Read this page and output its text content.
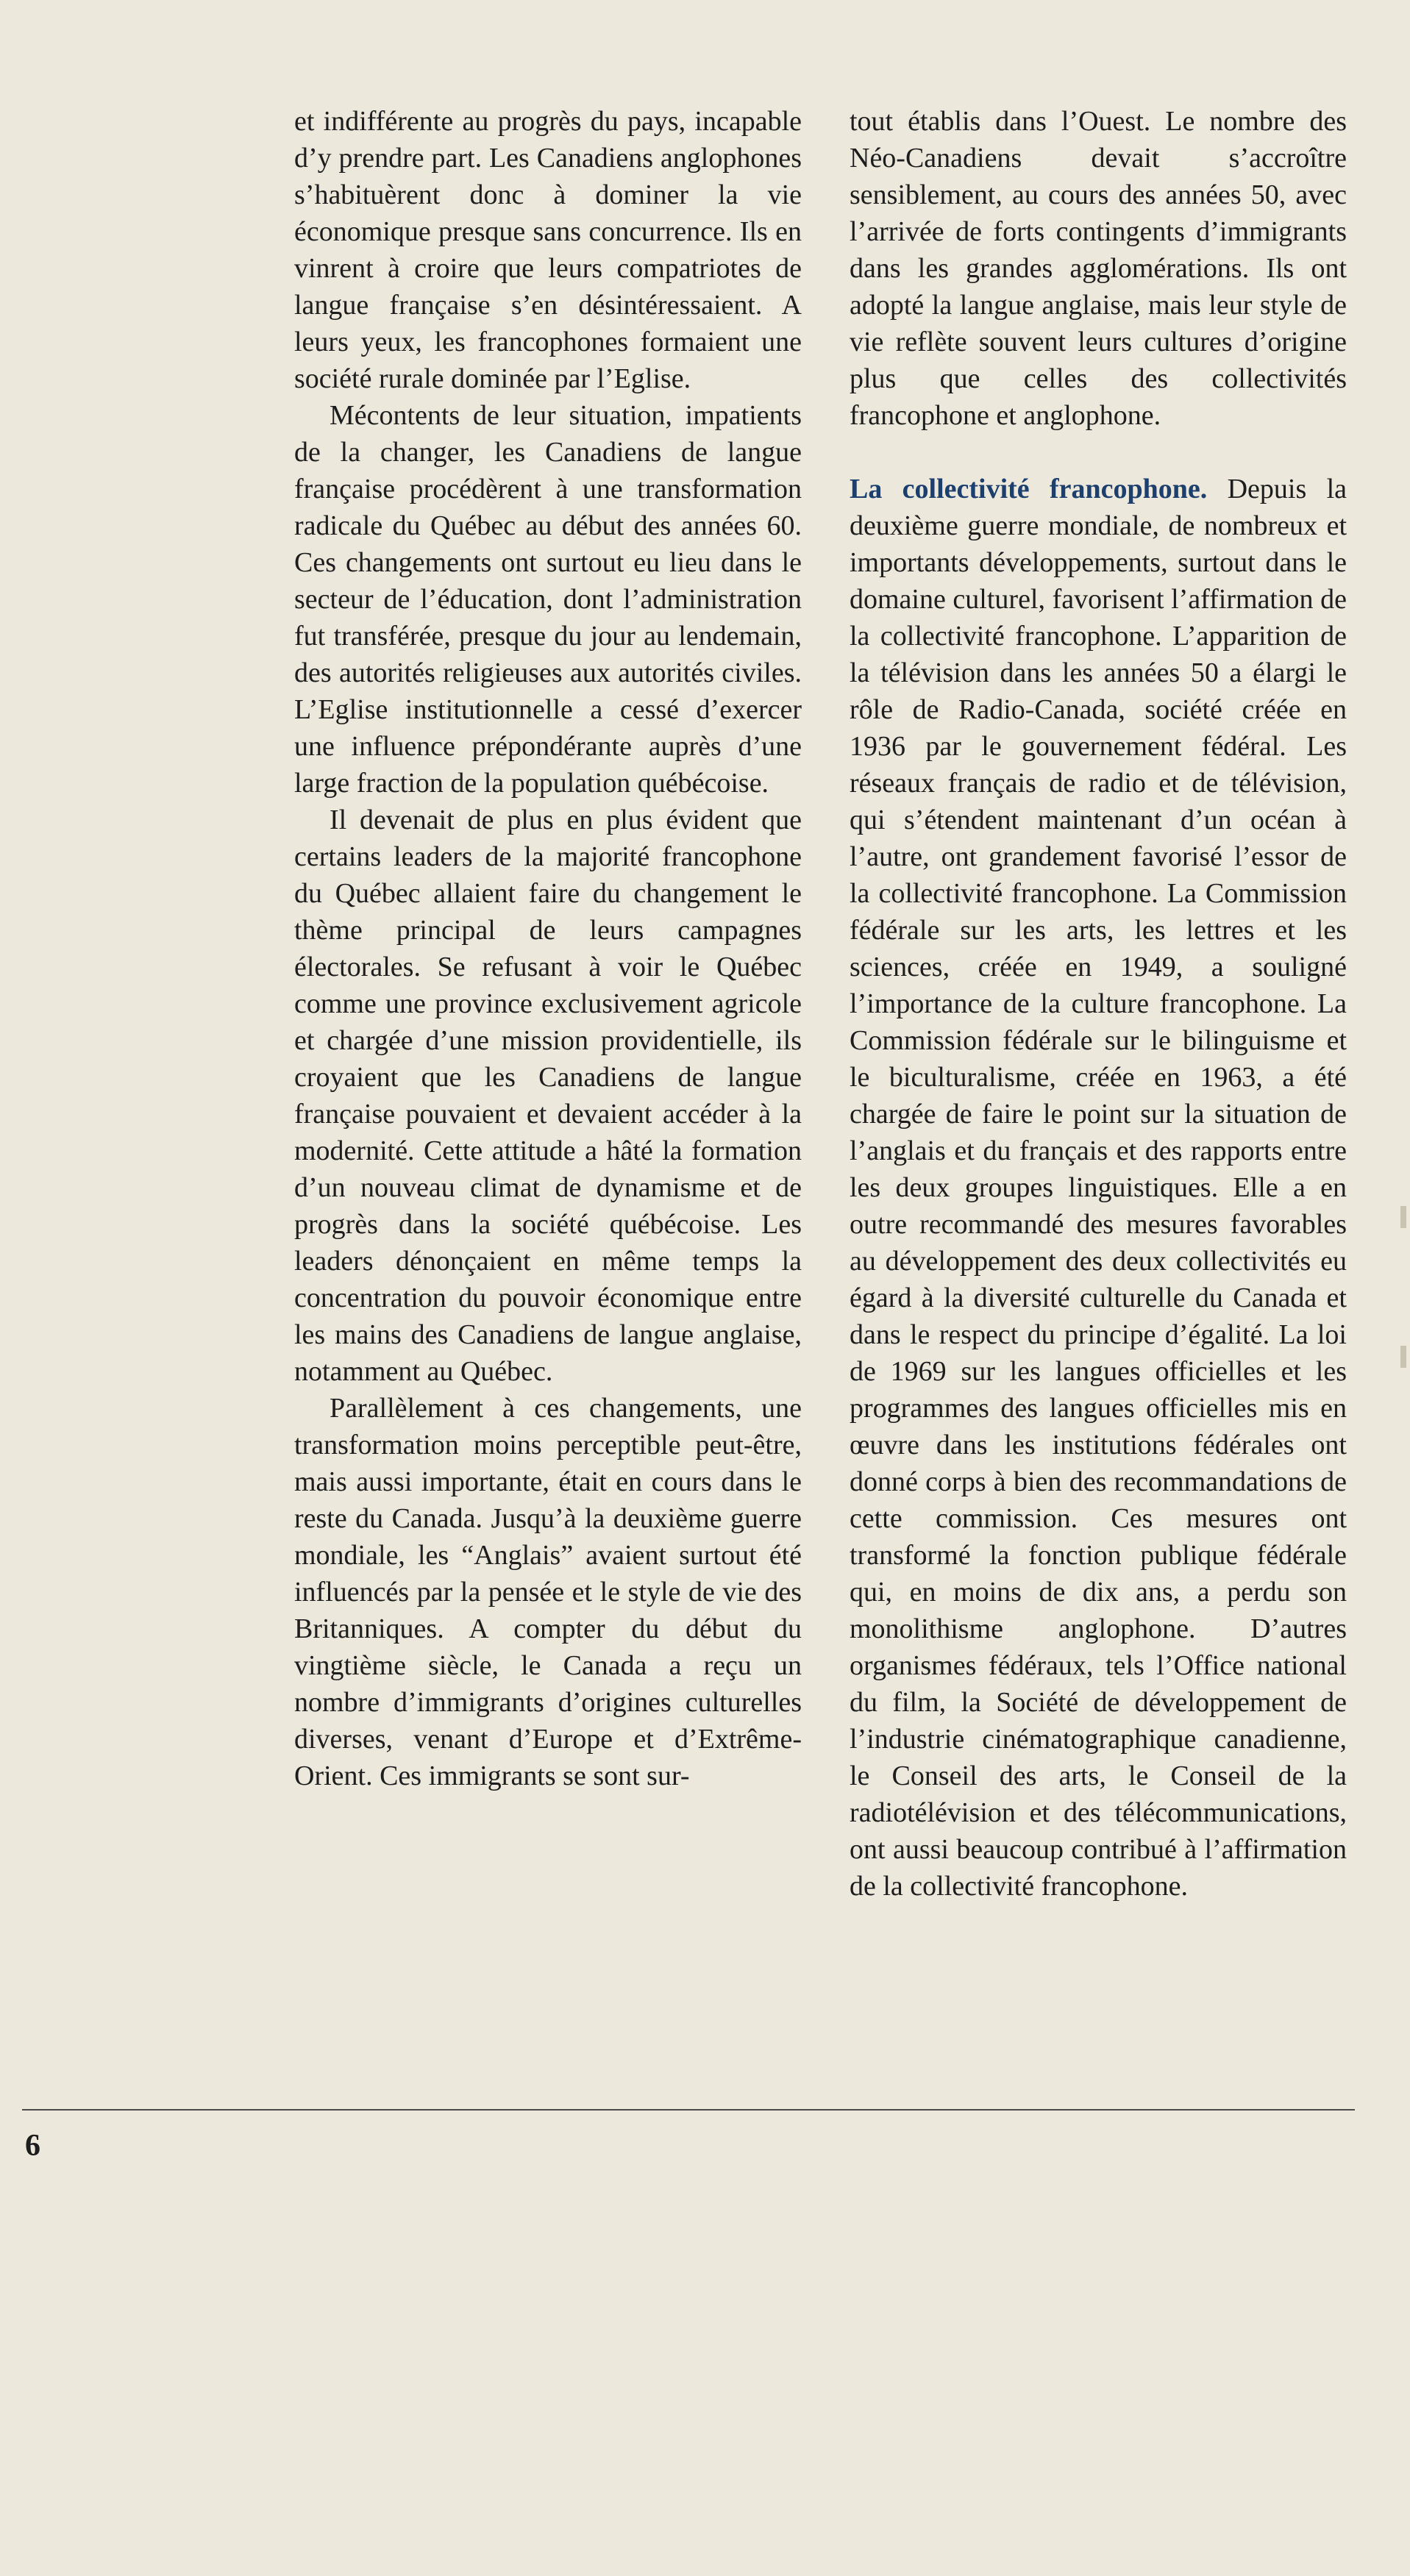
et indifférente au progrès du pays, incapable d’y prendre part. Les Canadiens anglophones s’habituèrent donc à dominer la vie économique presque sans concurrence. Ils en vinrent à croire que leurs compatriotes de langue française s’en désintéressaient. A leurs yeux, les francophones formaient une société rurale dominée par l’Eglise.

Mécontents de leur situation, impatients de la changer, les Canadiens de langue française procédèrent à une transformation radicale du Québec au début des années 60. Ces changements ont surtout eu lieu dans le secteur de l’éducation, dont l’administration fut transférée, presque du jour au lendemain, des autorités religieuses aux autorités civiles. L’Eglise institutionnelle a cessé d’exercer une influence prépondérante auprès d’une large fraction de la population québécoise.

Il devenait de plus en plus évident que certains leaders de la majorité francophone du Québec allaient faire du changement le thème principal de leurs campagnes électorales. Se refusant à voir le Québec comme une province exclusivement agricole et chargée d’une mission providentielle, ils croyaient que les Canadiens de langue française pouvaient et devaient accéder à la modernité. Cette attitude a hâté la formation d’un nouveau climat de dynamisme et de progrès dans la société québécoise. Les leaders dénonçaient en même temps la concentration du pouvoir économique entre les mains des Canadiens de langue anglaise, notamment au Québec.

Parallèlement à ces changements, une transformation moins perceptible peut-être, mais aussi importante, était en cours dans le reste du Canada. Jusqu’à la deuxième guerre mondiale, les “Anglais” avaient surtout été influencés par la pensée et le style de vie des Britanniques. A compter du début du vingtième siècle, le Canada a reçu un nombre d’immigrants d’origines culturelles diverses, venant d’Europe et d’Extrême-Orient. Ces immigrants se sont sur-

tout établis dans l’Ouest. Le nombre des Néo-Canadiens devait s’accroître sensiblement, au cours des années 50, avec l’arrivée de forts contingents d’immigrants dans les grandes agglomérations. Ils ont adopté la langue anglaise, mais leur style de vie reflète souvent leurs cultures d’origine plus que celles des collectivités francophone et anglophone.

La collectivité francophone. Depuis la deuxième guerre mondiale, de nombreux et importants développements, surtout dans le domaine culturel, favorisent l’affirmation de la collectivité francophone. L’apparition de la télévision dans les années 50 a élargi le rôle de Radio-Canada, société créée en 1936 par le gouvernement fédéral. Les réseaux français de radio et de télévision, qui s’étendent maintenant d’un océan à l’autre, ont grandement favorisé l’essor de la collectivité francophone. La Commission fédérale sur les arts, les lettres et les sciences, créée en 1949, a souligné l’importance de la culture francophone. La Commission fédérale sur le bilinguisme et le biculturalisme, créée en 1963, a été chargée de faire le point sur la situation de l’anglais et du français et des rapports entre les deux groupes linguistiques. Elle a en outre recommandé des mesures favorables au développement des deux collectivités eu égard à la diversité culturelle du Canada et dans le respect du principe d’égalité. La loi de 1969 sur les langues officielles et les programmes des langues officielles mis en œuvre dans les institutions fédérales ont donné corps à bien des recommandations de cette commission. Ces mesures ont transformé la fonction publique fédérale qui, en moins de dix ans, a perdu son monolithisme anglophone. D’autres organismes fédéraux, tels l’Office national du film, la Société de développement de l’industrie cinématographique canadienne, le Conseil des arts, le Conseil de la radiotélévision et des télécommunications, ont aussi beaucoup contribué à l’affirmation de la collectivité francophone.

6
